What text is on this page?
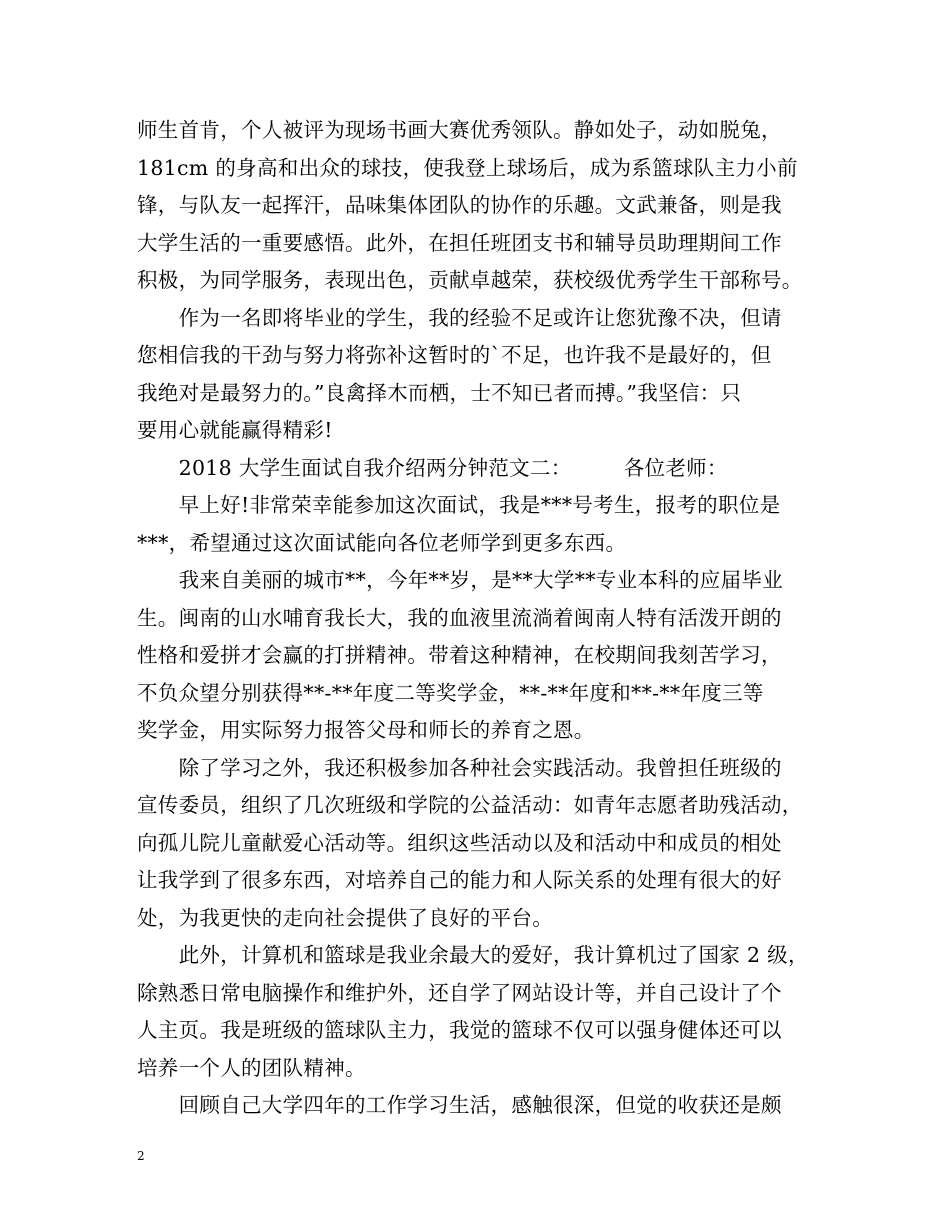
师生首肯，个人被评为现场书画大赛优秀领队。静如处子，动如脱兔，
181cm 的身高和出众的球技，使我登上球场后，成为系篮球队主力小前
锋，与队友一起挥汗，品味集体团队的协作的乐趣。文武兼备，则是我
大学生活的一重要感悟。此外，在担任班团支书和辅导员助理期间工作
积极，为同学服务，表现出色，贡献卓越荣，获校级优秀学生干部称号。
　　作为一名即将毕业的学生，我的经验不足或许让您犹豫不决，但请
您相信我的干劲与努力将弥补这暂时的`不足，也许我不是最好的，但
我绝对是最努力的。”良禽择木而栖，士不知已者而搏。”我坚信：只
要用心就能赢得精彩!
　　2018 大学生面试自我介绍两分钟范文二：　　　各位老师：
　　早上好!非常荣幸能参加这次面试，我是***号考生，报考的职位是
***，希望通过这次面试能向各位老师学到更多东西。
　　我来自美丽的城市**，今年**岁，是**大学**专业本科的应届毕业
生。闽南的山水哺育我长大，我的血液里流淌着闽南人特有活泼开朗的
性格和爱拼才会赢的打拼精神。带着这种精神，在校期间我刻苦学习，
不负众望分别获得**-**年度二等奖学金，**-**年度和**-**年度三等
奖学金，用实际努力报答父母和师长的养育之恩。
　　除了学习之外，我还积极参加各种社会实践活动。我曾担任班级的
宣传委员，组织了几次班级和学院的公益活动：如青年志愿者助残活动，
向孤儿院儿童献爱心活动等。组织这些活动以及和活动中和成员的相处
让我学到了很多东西，对培养自己的能力和人际关系的处理有很大的好
处，为我更快的走向社会提供了良好的平台。
　　此外，计算机和篮球是我业余最大的爱好，我计算机过了国家 2 级，
除熟悉日常电脑操作和维护外，还自学了网站设计等，并自己设计了个
人主页。我是班级的篮球队主力，我觉的篮球不仅可以强身健体还可以
培养一个人的团队精神。
　　回顾自己大学四年的工作学习生活，感触很深，但觉的收获还是颇
2
